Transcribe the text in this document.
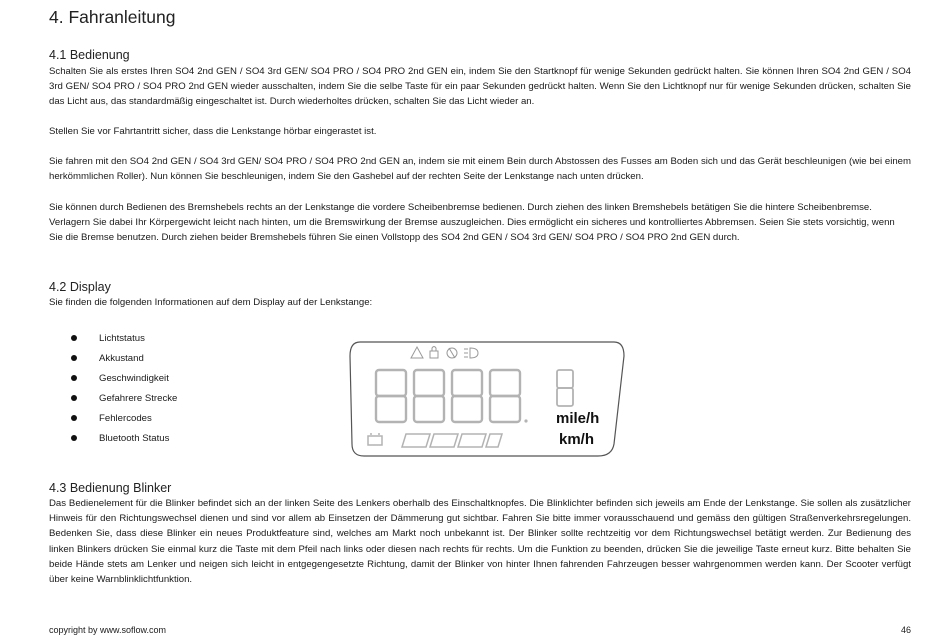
4. Fahranleitung
4.1 Bedienung

Schalten Sie als erstes Ihren SO4 2nd GEN / SO4 3rd GEN/ SO4 PRO / SO4 PRO 2nd GEN ein, indem Sie den Startknopf für wenige Sekunden gedrückt halten. Sie können Ihren SO4 2nd GEN / SO4 3rd GEN/ SO4 PRO / SO4 PRO 2nd GEN wieder ausschalten, indem Sie die selbe Taste für ein paar Sekunden gedrückt halten. Wenn Sie den Lichtknopf nur für wenige Sekunden drücken, schalten Sie das Licht aus, das standardmäßig eingeschaltet ist. Durch wiederholtes drücken, schalten Sie das Licht wieder an.

Stellen Sie vor Fahrtantritt sicher, dass die Lenkstange hörbar eingerastet ist.

Sie fahren mit den SO4 2nd GEN / SO4 3rd GEN/ SO4 PRO / SO4 PRO 2nd GEN an, indem sie mit einem Bein durch Abstossen des Fusses am Boden sich und das Gerät beschleunigen (wie bei einem herkömmlichen Roller). Nun können Sie beschleunigen, indem Sie den Gashebel auf der rechten Seite der Lenkstange nach unten drücken.

Sie können durch Bedienen des Bremshebels rechts an der Lenkstange die vordere Scheibenbremse bedienen. Durch ziehen des linken Bremshebels betätigen Sie die hintere Scheibenbremse. Verlagern Sie dabei Ihr Körpergewicht leicht nach hinten, um die Bremswirkung der Bremse auszugleichen. Dies ermöglicht ein sicheres und kontrolliertes Abbremsen. Seien Sie stets vorsichtig, wenn Sie die Bremse benutzen. Durch ziehen beider Bremshebels führen Sie einen Vollstopp des SO4 2nd GEN / SO4 3rd GEN/ SO4 PRO / SO4 PRO 2nd GEN durch.

4.2 Display

Sie finden die folgenden Informationen auf dem Display auf der Lenkstange:

Lichtstatus
Akkustand
Geschwindigkeit
Gefahrere Strecke
Fehlercodes
Bluetooth Status
mile/h
km/h
4.3 Bedienung Blinker

Das Bedienelement für die Blinker befindet sich an der linken Seite des Lenkers oberhalb des Einschaltknopfes. Die Blinklichter befinden sich jeweils am Ende der Lenkstange. Sie sollen als zusätzlicher Hinweis für den Richtungswechsel dienen und sind vor allem ab Einsetzen der Dämmerung gut sichtbar. Fahren Sie bitte immer vorausschauend und gemäss den gültigen Straßenverkehrsregelungen. Bedenken Sie, dass diese Blinker ein neues Produktfeature sind, welches am Markt noch unbekannt ist. Der Blinker sollte rechtzeitig vor dem Richtungswechsel betätigt werden. Zur Bedienung des linken Blinkers drücken Sie einmal kurz die Taste mit dem Pfeil nach links oder diesen nach rechts für rechts. Um die Funktion zu beenden, drücken Sie die jeweilige Taste erneut kurz. Bitte behalten Sie beide Hände stets am Lenker und neigen sich leicht in entgegengesetzte Richtung, damit der Blinker von hinter Ihnen fahrenden Fahrzeugen besser wahrgenommen werden kann. Der Scooter verfügt über keine Warnblinklichtfunktion.

copyright by www.soflow.com	46
